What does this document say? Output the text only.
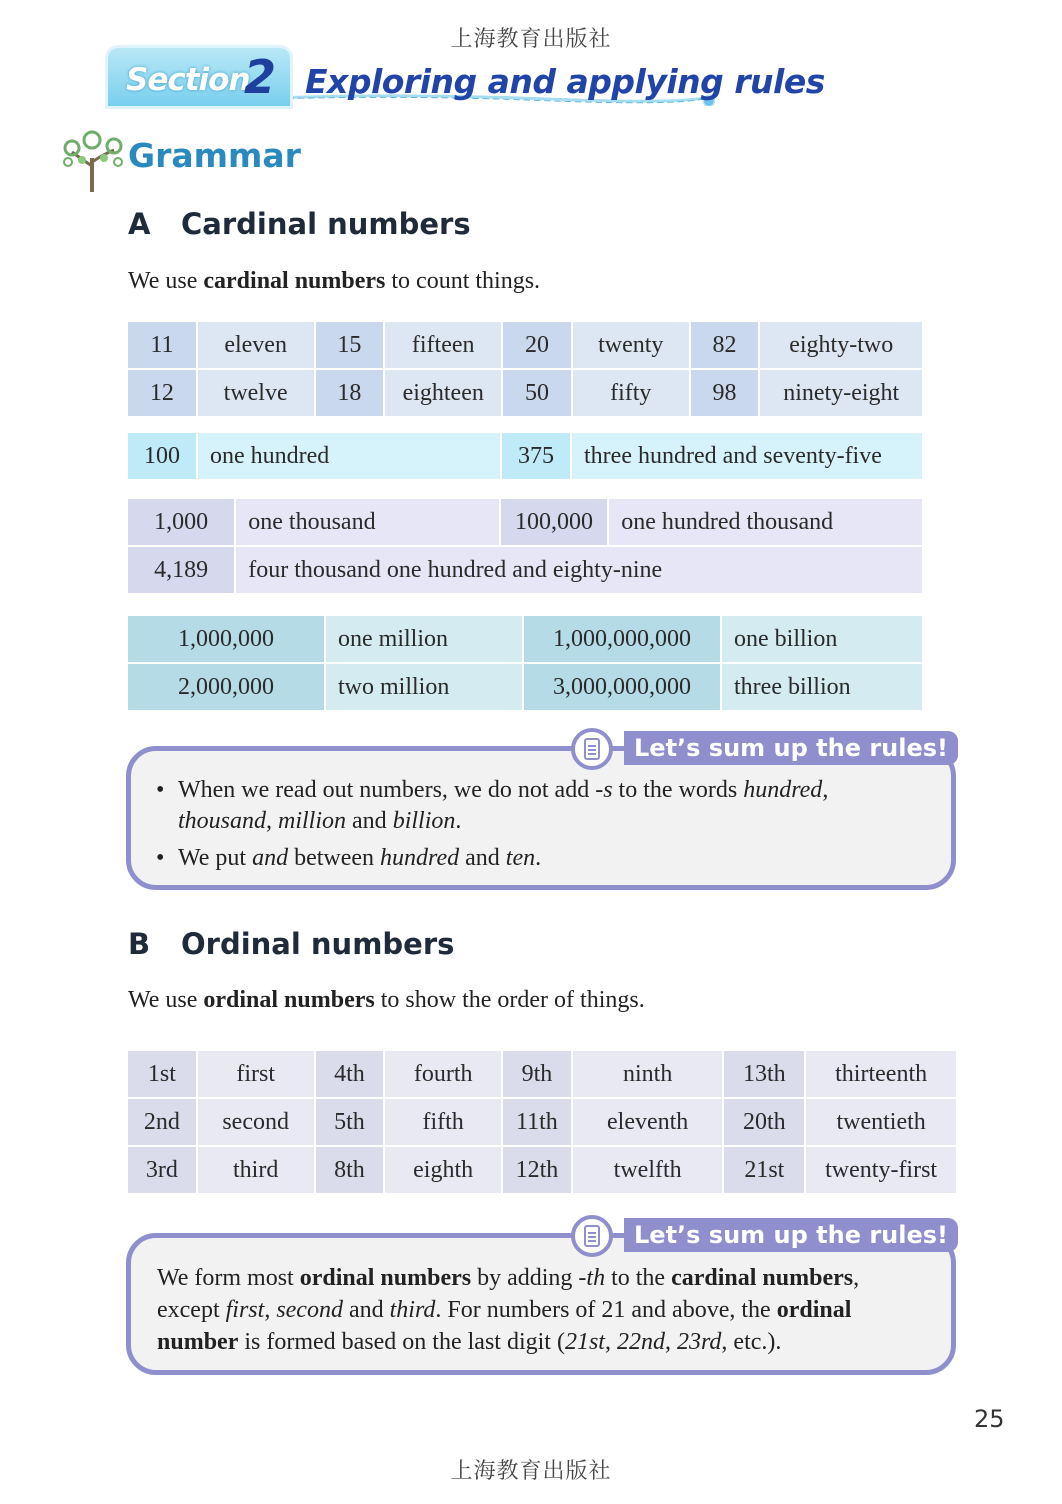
上海教育出版社
Section
2 Exploring and applying rules
Grammar
A Cardinal numbers
We use cardinal numbers to count things.
11	eleven	15	fifteen	20	twenty	82	eighty-two
12	twelve	18	eighteen	50	fifty	98	ninety-eight
100	one hundred	375	three hundred and seventy-five
1,000	one thousand	100,000	one hundred thousand
4,189	four thousand one hundred and eighty-nine		
1,000,000	one million	1,000,000,000	one billion
2,000,000	two million	3,000,000,000	three billion
Let’s sum up the rules!
• When we read out numbers, we do not add -s to the words hundred,
thousand, million and billion.
• We put and between hundred and ten.
B Ordinal numbers
We use ordinal numbers to show the order of things.
1st	first	4th	fourth	9th	ninth	13th	thirteenth
2nd	second	5th	fifth	11th	eleventh	20th	twentieth
3rd	third	8th	eighth	12th	twelfth	21st	twenty-first
Let’s sum up the rules!
We form most ordinal numbers by adding -th to the cardinal numbers,
except first, second and third. For numbers of 21 and above, the ordinal
number is formed based on the last digit (21st, 22nd, 23rd, etc.).
25
上海教育出版社
